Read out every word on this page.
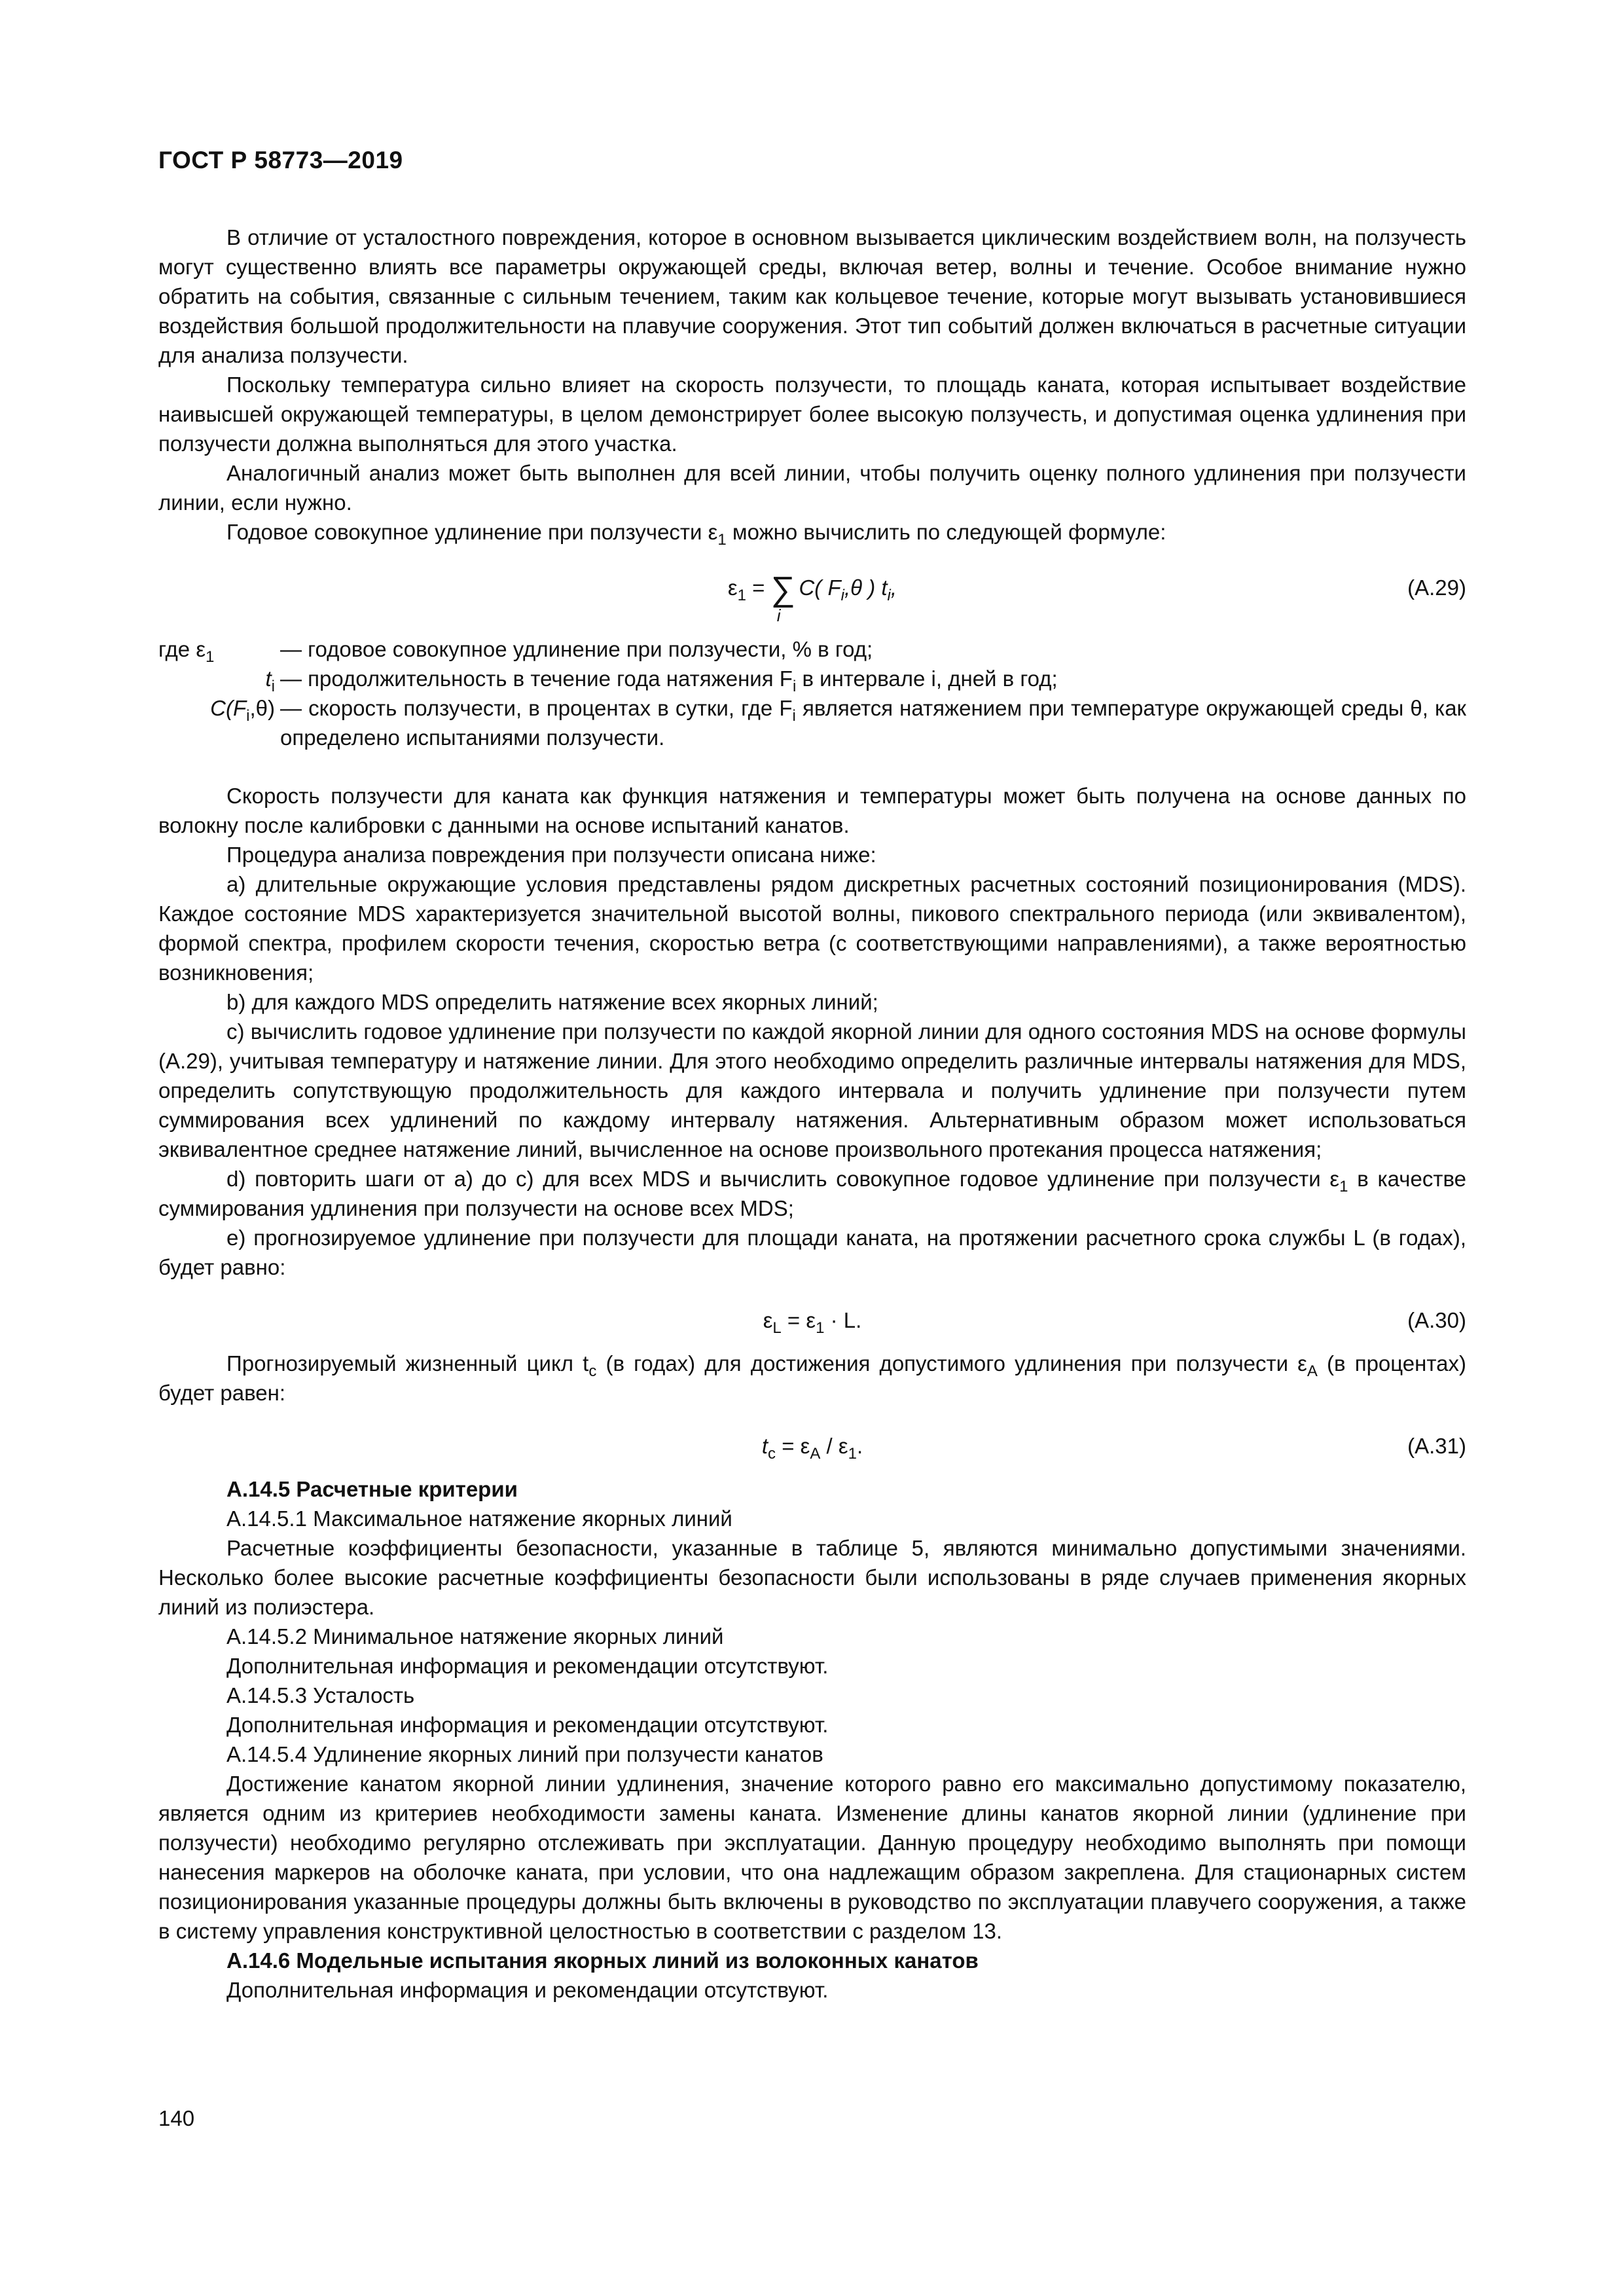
ГОСТ Р 58773—2019

В отличие от усталостного повреждения, которое в основном вызывается циклическим воздействием волн, на ползучесть могут существенно влиять все параметры окружающей среды, включая ветер, волны и течение. Особое внимание нужно обратить на события, связанные с сильным течением, таким как кольцевое течение, которые могут вызывать установившиеся воздействия большой продолжительности на плавучие сооружения. Этот тип событий должен включаться в расчетные ситуации для анализа ползучести.

Поскольку температура сильно влияет на скорость ползучести, то площадь каната, которая испытывает воздействие наивысшей окружающей температуры, в целом демонстрирует более высокую ползучесть, и допустимая оценка удлинения при ползучести должна выполняться для этого участка.

Аналогичный анализ может быть выполнен для всей линии, чтобы получить оценку полного удлинения при ползучести линии, если нужно.

Годовое совокупное удлинение при ползучести $\varepsilon_1$ можно вычислить по следующей формуле:

$\varepsilon_1 = \sum_iC$( $F_i,\theta$ ) $t_i$,	(А.29)
где $\varepsilon_1$	— годовое совокупное удлинение при ползучести, % в год;
$t_i$ — продолжительность в течение года натяжения $F_i$ в интервале i, дней в год;
$C(F_i,\theta)$ — скорость ползучести, в процентах в сутки, где $F_i$ является натяжением при температуре окружающей среды θ, как определено испытаниями ползучести.

Скорость ползучести для каната как функция натяжения и температуры может быть получена на основе данных по волокну после калибровки с данными на основе испытаний канатов.

Процедура анализа повреждения при ползучести описана ниже:

а) длительные окружающие условия представлены рядом дискретных расчетных состояний позиционирования (MDS). Каждое состояние MDS характеризуется значительной высотой волны, пикового спектрального периода (или эквивалентом), формой спектра, профилем скорости течения, скоростью ветра (с соответствующими направлениями), а также вероятностью возникновения;

b) для каждого MDS определить натяжение всех якорных линий;

c) вычислить годовое удлинение при ползучести по каждой якорной линии для одного состояния MDS на основе формулы (А.29), учитывая температуру и натяжение линии. Для этого необходимо определить различные интервалы натяжения для MDS, определить сопутствующую продолжительность для каждого интервала и получить удлинение при ползучести путем суммирования всех удлинений по каждому интервалу натяжения. Альтернативным образом может использоваться эквивалентное среднее натяжение линий, вычисленное на основе произвольного протекания процесса натяжения;

d) повторить шаги от а) до с) для всех MDS и вычислить совокупное годовое удлинение при ползучести $\varepsilon_1$ в качестве суммирования удлинения при ползучести на основе всех MDS;

e) прогнозируемое удлинение при ползучести для площади каната, на протяжении расчетного срока службы L (в годах), будет равно:

$\varepsilon_L = \varepsilon_1 \cdot L$.	(А.30)

Прогнозируемый жизненный цикл $t_c$ (в годах) для достижения допустимого удлинения при ползучести $\varepsilon_A$ (в процентах) будет равен:

$t_c = \varepsilon_A / \varepsilon_1$.	(А.31)

А.14.5 Расчетные критерии

А.14.5.1 Максимальное натяжение якорных линий

Расчетные коэффициенты безопасности, указанные в таблице 5, являются минимально допустимыми значениями. Несколько более высокие расчетные коэффициенты безопасности были использованы в ряде случаев применения якорных линий из полиэстера.

А.14.5.2 Минимальное натяжение якорных линий

Дополнительная информация и рекомендации отсутствуют.

А.14.5.3 Усталость

Дополнительная информация и рекомендации отсутствуют.

А.14.5.4 Удлинение якорных линий при ползучести канатов

Достижение канатом якорной линии удлинения, значение которого равно его максимально допустимому показателю, является одним из критериев необходимости замены каната. Изменение длины канатов якорной линии (удлинение при ползучести) необходимо регулярно отслеживать при эксплуатации. Данную процедуру необходимо выполнять при помощи нанесения маркеров на оболочке каната, при условии, что она надлежащим образом закреплена. Для стационарных систем позиционирования указанные процедуры должны быть включены в руководство по эксплуатации плавучего сооружения, а также в систему управления конструктивной целостностью в соответствии с разделом 13.

А.14.6 Модельные испытания якорных линий из волоконных канатов

Дополнительная информация и рекомендации отсутствуют.

140
